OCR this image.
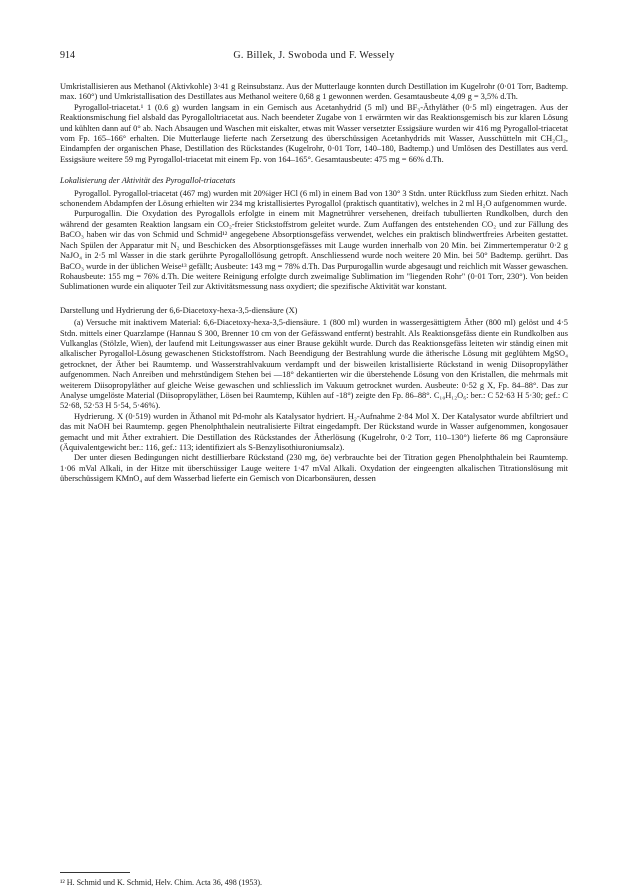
914	G. Billek, J. Swoboda und F. Wessely

Umkristallisieren aus Methanol (Aktivkohle) 3·41 g Reinsubstanz. Aus der Mutterlauge konnten durch Destillation im Kugelrohr (0·01 Torr, Badtemp. max. 160°) und Umkristallisation des Destillates aus Methanol weitere 0,68 g 1 gewonnen werden. Gesamtausbeute 4,09 g = 3,5% d.Th.

Pyrogallol-triacetat.¹ 1 (0.6 g) wurden langsam in ein Gemisch aus Acetanhydrid (5 ml) und BF₃-Äthyläther (0·5 ml) eingetragen. Aus der Reaktionsmischung fiel alsbald das Pyrogalloltriacetat aus. Nach beendeter Zugabe von 1 erwärmten wir das Reaktionsgemisch bis zur klaren Lösung und kühlten dann auf 0° ab. Nach Absaugen und Waschen mit eiskalter, etwas mit Wasser versetzter Essigsäure wurden wir 416 mg Pyrogallol-triacetat vom Fp. 165–166° erhalten. Die Mutterlauge lieferte nach Zersetzung des überschüssigen Acetanhydrids mit Wasser, Ausschütteln mit CH₂Cl₂, Eindampfen der organischen Phase, Destillation des Rückstandes (Kugelrohr, 0·01 Torr, 140–180, Badtemp.) und Umlösen des Destillates aus verd. Essigsäure weitere 59 mg Pyrogallol-triacetat mit einem Fp. von 164–165°. Gesamtausbeute: 475 mg = 66% d.Th.

Lokalisierung der Aktivität des Pyrogallol-triacetats

Pyrogallol. Pyrogallol-triacetat (467 mg) wurden mit 20%iger HCl (6 ml) in einem Bad von 130° 3 Stdn. unter Rückfluss zum Sieden erhitzt. Nach schonendem Abdampfen der Lösung erhielten wir 234 mg kristallisiertes Pyrogallol (praktisch quantitativ), welches in 2 ml H₂O aufgenommen wurde.

Purpurogallin. Die Oxydation des Pyrogallols erfolgte in einem mit Magnetrührer versehenen, dreifach tubullierten Rundkolben, durch den während der gesamten Reaktion langsam ein CO₂-freier Stickstoffstrom geleitet wurde. Zum Auffangen des entstehenden CO₂ und zur Fällung des BaCO₃ haben wir das von Schmid und Schmid¹² angegebene Absorptionsgefäss verwendet, welches ein praktisch blindwertfreies Arbeiten gestattet. Nach Spülen der Apparatur mit N₂ und Beschicken des Absorptionsgefässes mit Lauge wurden innerhalb von 20 Min. bei Zimmertemperatur 0·2 g NaJO₄ in 2·5 ml Wasser in die stark gerührte Pyrogallollösung getropft. Anschliessend wurde noch weitere 20 Min. bei 50° Badtemp. gerührt. Das BaCO₃ wurde in der üblichen Weise¹³ gefällt; Ausbeute: 143 mg = 78% d.Th. Das Purpurogallin wurde abgesaugt und reichlich mit Wasser gewaschen. Rohausbeute: 155 mg = 76% d.Th. Die weitere Reinigung erfolgte durch zweimalige Sublimation im "liegenden Rohr" (0·01 Torr, 230°). Von beiden Sublimationen wurde ein aliquoter Teil zur Aktivitätsmessung nass oxydiert; die spezifische Aktivität war konstant.

Darstellung und Hydrierung der 6,6-Diacetoxy-hexa-3,5-diensäure (X)

(a) Versuche mit inaktivem Material: 6,6-Diacetoxy-hexa-3,5-diensäure. 1 (800 ml) wurden in wassergesättigtem Äther (800 ml) gelöst und 4·5 Stdn. mittels einer Quarzlampe (Hannau S 300, Brenner 10 cm von der Gefässwand entfernt) bestrahlt. Als Reaktionsgefäss diente ein Rundkolben aus Vulkanglas (Stölzle, Wien), der laufend mit Leitungswasser aus einer Brause gekühlt wurde. Durch das Reaktionsgefäss leiteten wir ständig einen mit alkalischer Pyrogallol-Lösung gewaschenen Stickstoffstrom. Nach Beendigung der Bestrahlung wurde die ätherische Lösung mit geglühtem MgSO₄ getrocknet, der Äther bei Raumtemp. und Wasserstrahlvakuum verdampft und der bisweilen kristallisierte Rückstand in wenig Diisopropyläther aufgenommen. Nach Anreiben und mehrstündigem Stehen bei —18° dekantierten wir die überstehende Lösung von den Kristallen, die mehrmals mit weiterem Diisopropyläther auf gleiche Weise gewaschen und schliesslich im Vakuum getrocknet wurden. Ausbeute: 0·52 g X, Fp. 84–88°. Das zur Analyse umgelöste Material (Diisopropyläther, Lösen bei Raumtemp, Kühlen auf -18°) zeigte den Fp. 86–88°. C₁₀H₁₂O₆: ber.: C 52·63 H 5·30; gef.: C 52·68, 52·53 H 5·54, 5·46%).

Hydrierung. X (0·519) wurden in Äthanol mit Pd-mohr als Katalysator hydriert. H₂-Aufnahme 2·84 Mol X. Der Katalysator wurde abfiltriert und das mit NaOH bei Raumtemp. gegen Phenolphthalein neutralisierte Filtrat eingedampft. Der Rückstand wurde in Wasser aufgenommen, kongosauer gemacht und mit Äther extrahiert. Die Destillation des Rückstandes der Ätherlösung (Kugelrohr, 0·2 Torr, 110–130°) lieferte 86 mg Capronsäure (Äquivalentgewicht ber.: 116, gef.: 113; identifiziert als S-Benzylisothiuroniumsalz).

Der unter diesen Bedingungen nicht destillierbare Rückstand (230 mg, öe) verbrauchte bei der Titration gegen Phenolphthalein bei Raumtemp. 1·06 mVal Alkali, in der Hitze mit überschüssiger Lauge weitere 1·47 mVal Alkali. Oxydation der eingeengten alkalischen Titrationslösung mit überschüssigem KMnO₄ auf dem Wasserbad lieferte ein Gemisch von Dicarbonsäuren, dessen

¹² H. Schmid und K. Schmid, Helv. Chim. Acta 36, 498 (1953).
